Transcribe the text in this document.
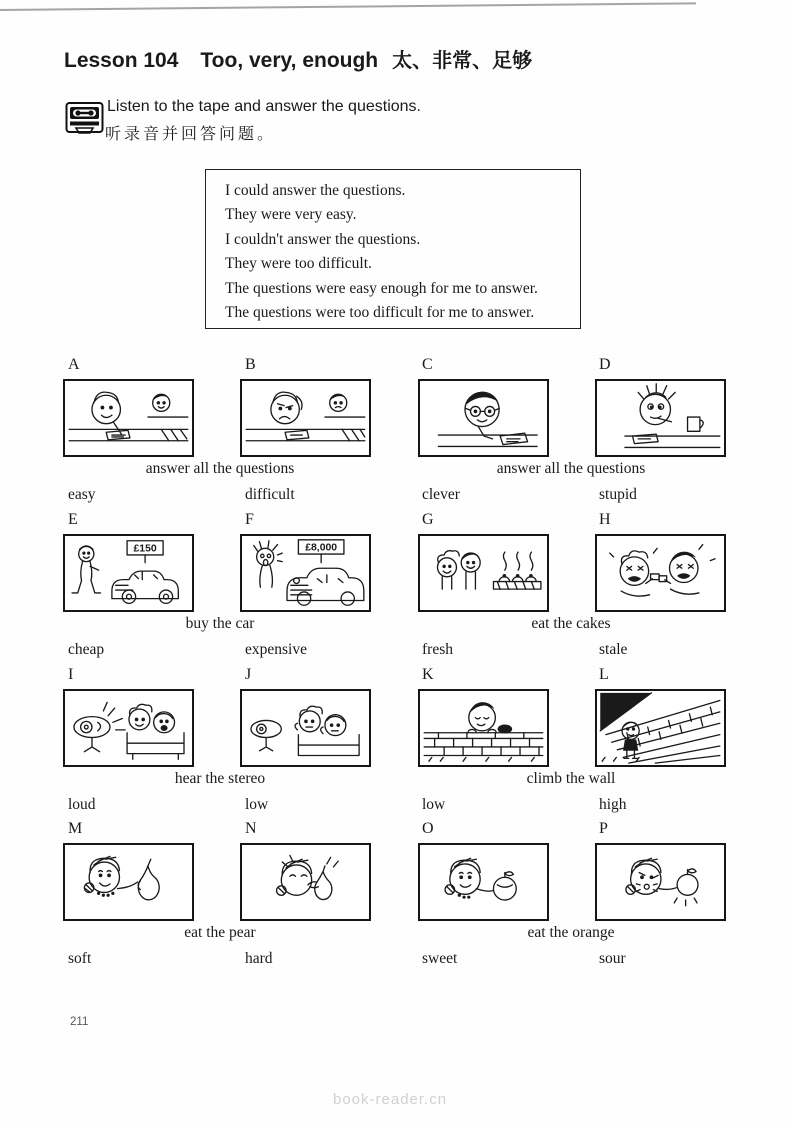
Lesson 104 Too, very, enough 太、非常、足够
Listen to the tape and answer the questions.
听录音并回答问题。

I could answer the questions.

They were very easy.

I couldn't answer the questions.

They were too difficult.

The questions were easy enough for me to answer.

The questions were too difficult for me to answer.

A	B	C	D
answer all the questions	answer all the questions
easy	difficult	clever	stupid
E	F	G	H
£150	£8,000
buy the car	eat the cakes
cheap	expensive	fresh	stale
I	J	K	L
hear the stereo	climb the wall
loud	low	low	high
M	N	O	P
eat the pear	eat the orange
soft	hard	sweet	sour
211
book-reader.cn
